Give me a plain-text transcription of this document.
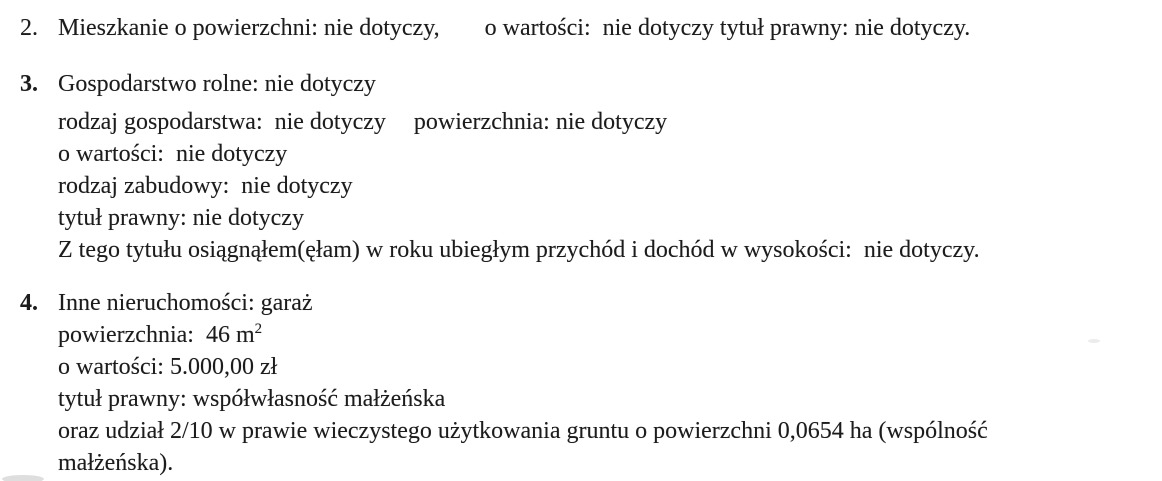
2. Mieszkanie o powierzchni: nie dotyczy, o wartości:  nie dotyczy tytuł prawny: nie dotyczy.
3. Gospodarstwo rolne: nie dotyczy
rodzaj gospodarstwa:  nie dotyczy powierzchnia: nie dotyczy
o wartości:  nie dotyczy
rodzaj zabudowy:  nie dotyczy
tytuł prawny: nie dotyczy
Z tego tytułu osiągnąłem(ęłam) w roku ubiegłym przychód i dochód w wysokości:  nie dotyczy.
4. Inne nieruchomości: garaż
powierzchnia:  46 $m^2$
o wartości: 5.000,00 zł
tytuł prawny: współwłasność małżeńska
oraz udział 2/10 w prawie wieczystego użytkowania gruntu o powierzchni 0,0654 ha (wspólność
małżeńska).
